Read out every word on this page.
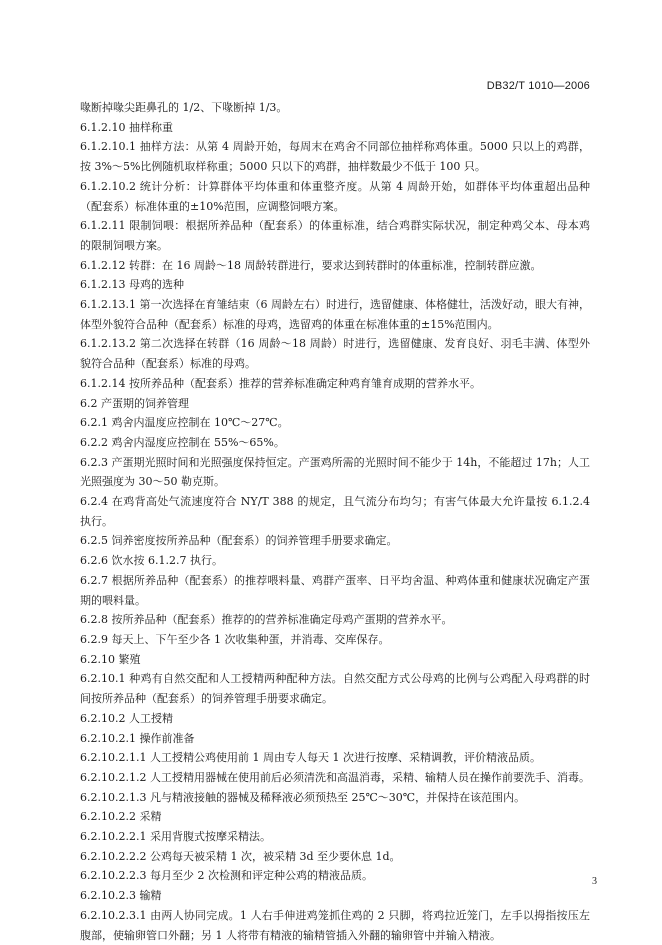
DB32/T 1010—2006

喙断掉喙尖距鼻孔的 1/2、下喙断掉 1/3。

6.1.2.10 抽样称重

6.1.2.10.1 抽样方法：从第 4 周龄开始，每周末在鸡舍不同部位抽样称鸡体重。5000 只以上的鸡群，按 3%～5%比例随机取样称重；5000 只以下的鸡群，抽样数最少不低于 100 只。

6.1.2.10.2 统计分析：计算群体平均体重和体重整齐度。从第 4 周龄开始，如群体平均体重超出品种（配套系）标准体重的±10%范围，应调整饲喂方案。

6.1.2.11 限制饲喂：根据所养品种（配套系）的体重标准，结合鸡群实际状况，制定种鸡父本、母本鸡的限制饲喂方案。

6.1.2.12 转群：在 16 周龄～18 周龄转群进行，要求达到转群时的体重标准，控制转群应激。

6.1.2.13 母鸡的选种

6.1.2.13.1 第一次选择在育雏结束（6 周龄左右）时进行，选留健康、体格健壮，活泼好动，眼大有神，体型外貌符合品种（配套系）标准的母鸡，选留鸡的体重在标准体重的±15%范围内。

6.1.2.13.2 第二次选择在转群（16 周龄～18 周龄）时进行，选留健康、发育良好、羽毛丰满、体型外貌符合品种（配套系）标准的母鸡。

6.1.2.14 按所养品种（配套系）推荐的营养标准确定种鸡育雏育成期的营养水平。

6.2 产蛋期的饲养管理

6.2.1 鸡舍内温度应控制在 10℃～27℃。

6.2.2 鸡舍内湿度应控制在 55%～65%。

6.2.3 产蛋期光照时间和光照强度保持恒定。产蛋鸡所需的光照时间不能少于 14h，不能超过 17h；人工光照强度为 30～50 勒克斯。

6.2.4 在鸡背高处气流速度符合 NY/T 388 的规定，且气流分布均匀；有害气体最大允许量按 6.1.2.4 执行。

6.2.5 饲养密度按所养品种（配套系）的饲养管理手册要求确定。

6.2.6 饮水按 6.1.2.7 执行。

6.2.7 根据所养品种（配套系）的推荐喂料量、鸡群产蛋率、日平均舍温、种鸡体重和健康状况确定产蛋期的喂料量。

6.2.8 按所养品种（配套系）推荐的的营养标准确定母鸡产蛋期的营养水平。

6.2.9 每天上、下午至少各 1 次收集种蛋，并消毒、交库保存。

6.2.10 繁殖

6.2.10.1 种鸡有自然交配和人工授精两种配种方法。自然交配方式公母鸡的比例与公鸡配入母鸡群的时间按所养品种（配套系）的饲养管理手册要求确定。

6.2.10.2 人工授精

6.2.10.2.1 操作前准备

6.2.10.2.1.1 人工授精公鸡使用前 1 周由专人每天 1 次进行按摩、采精调教，评价精液品质。

6.2.10.2.1.2 人工授精用器械在使用前后必须清洗和高温消毒，采精、输精人员在操作前要洗手、消毒。

6.2.10.2.1.3 凡与精液接触的器械及稀释液必须预热至 25℃～30℃，并保持在该范围内。

6.2.10.2.2 采精

6.2.10.2.2.1 采用背腹式按摩采精法。

6.2.10.2.2.2 公鸡每天被采精 1 次，被采精 3d 至少要休息 1d。

6.2.10.2.2.3 每月至少 2 次检测和评定种公鸡的精液品质。

6.2.10.2.3 输精

6.2.10.2.3.1 由两人协同完成。1 人右手伸进鸡笼抓住鸡的 2 只脚，将鸡拉近笼门，左手以拇指按压左腹部，使输卵管口外翻；另 1 人将带有精液的输精管插入外翻的输卵管中并输入精液。

3
